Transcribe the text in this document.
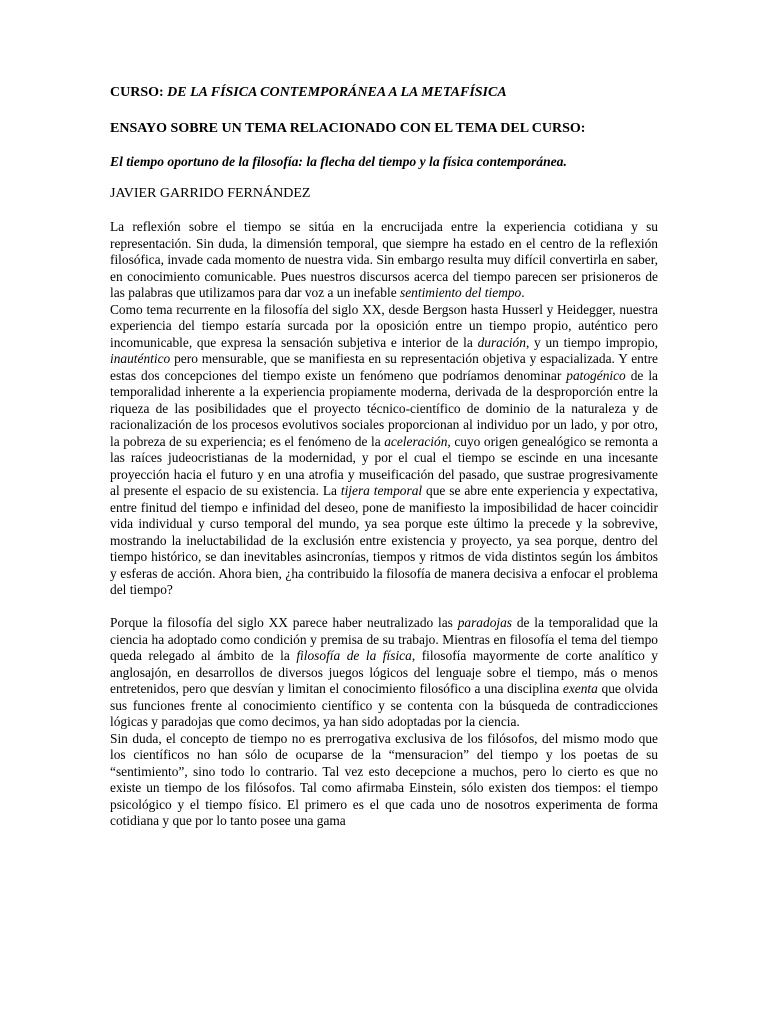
CURSO: DE LA FÍSICA CONTEMPORÁNEA A LA METAFÍSICA
ENSAYO SOBRE UN TEMA RELACIONADO CON EL TEMA DEL CURSO:
El tiempo oportuno de la filosofía: la flecha del tiempo y la física contemporánea.
JAVIER GARRIDO FERNÁNDEZ

La reflexión sobre el tiempo se sitúa en la encrucijada entre la experiencia cotidiana y su representación. Sin duda, la dimensión temporal, que siempre ha estado en el centro de la reflexión filosófica, invade cada momento de nuestra vida. Sin embargo resulta muy difícil convertirla en saber, en conocimiento comunicable. Pues nuestros discursos acerca del tiempo parecen ser prisioneros de las palabras que utilizamos para dar voz a un inefable sentimiento del tiempo.

Como tema recurrente en la filosofía del siglo XX, desde Bergson hasta Husserl y Heidegger, nuestra experiencia del tiempo estaría surcada por la oposición entre un tiempo propio, auténtico pero incomunicable, que expresa la sensación subjetiva e interior de la duración, y un tiempo impropio, inauténtico pero mensurable, que se manifiesta en su representación objetiva y espacializada. Y entre estas dos concepciones del tiempo existe un fenómeno que podríamos denominar patogénico de la temporalidad inherente a la experiencia propiamente moderna, derivada de la desproporción entre la riqueza de las posibilidades que el proyecto técnico-científico de dominio de la naturaleza y de racionalización de los procesos evolutivos sociales proporcionan al individuo por un lado, y por otro, la pobreza de su experiencia; es el fenómeno de la aceleración, cuyo origen genealógico se remonta a las raíces judeocristianas de la modernidad, y por el cual el tiempo se escinde en una incesante proyección hacia el futuro y en una atrofia y museificación del pasado, que sustrae progresivamente al presente el espacio de su existencia. La tijera temporal que se abre ente experiencia y expectativa, entre finitud del tiempo e infinidad del deseo, pone de manifiesto la imposibilidad de hacer coincidir vida individual y curso temporal del mundo, ya sea porque este último la precede y la sobrevive, mostrando la ineluctabilidad de la exclusión entre existencia y proyecto, ya sea porque, dentro del tiempo histórico, se dan inevitables asincronías, tiempos y ritmos de vida distintos según los ámbitos y esferas de acción. Ahora bien, ¿ha contribuido la filosofía de manera decisiva a enfocar el problema del tiempo?

Porque la filosofía del siglo XX parece haber neutralizado las paradojas de la temporalidad que la ciencia ha adoptado como condición y premisa de su trabajo. Mientras en filosofía el tema del tiempo queda relegado al ámbito de la filosofía de la física, filosofía mayormente de corte analítico y anglosajón, en desarrollos de diversos juegos lógicos del lenguaje sobre el tiempo, más o menos entretenidos, pero que desvían y limitan el conocimiento filosófico a una disciplina exenta que olvida sus funciones frente al conocimiento científico y se contenta con la búsqueda de contradicciones lógicas y paradojas que como decimos, ya han sido adoptadas por la ciencia.

Sin duda, el concepto de tiempo no es prerrogativa exclusiva de los filósofos, del mismo modo que los científicos no han sólo de ocuparse de la “mensuracion” del tiempo y los poetas de su “sentimiento”, sino todo lo contrario. Tal vez esto decepcione a muchos, pero lo cierto es que no existe un tiempo de los filósofos. Tal como afirmaba Einstein, sólo existen dos tiempos: el tiempo psicológico y el tiempo físico. El primero es el que cada uno de nosotros experimenta de forma cotidiana y que por lo tanto posee una gama
